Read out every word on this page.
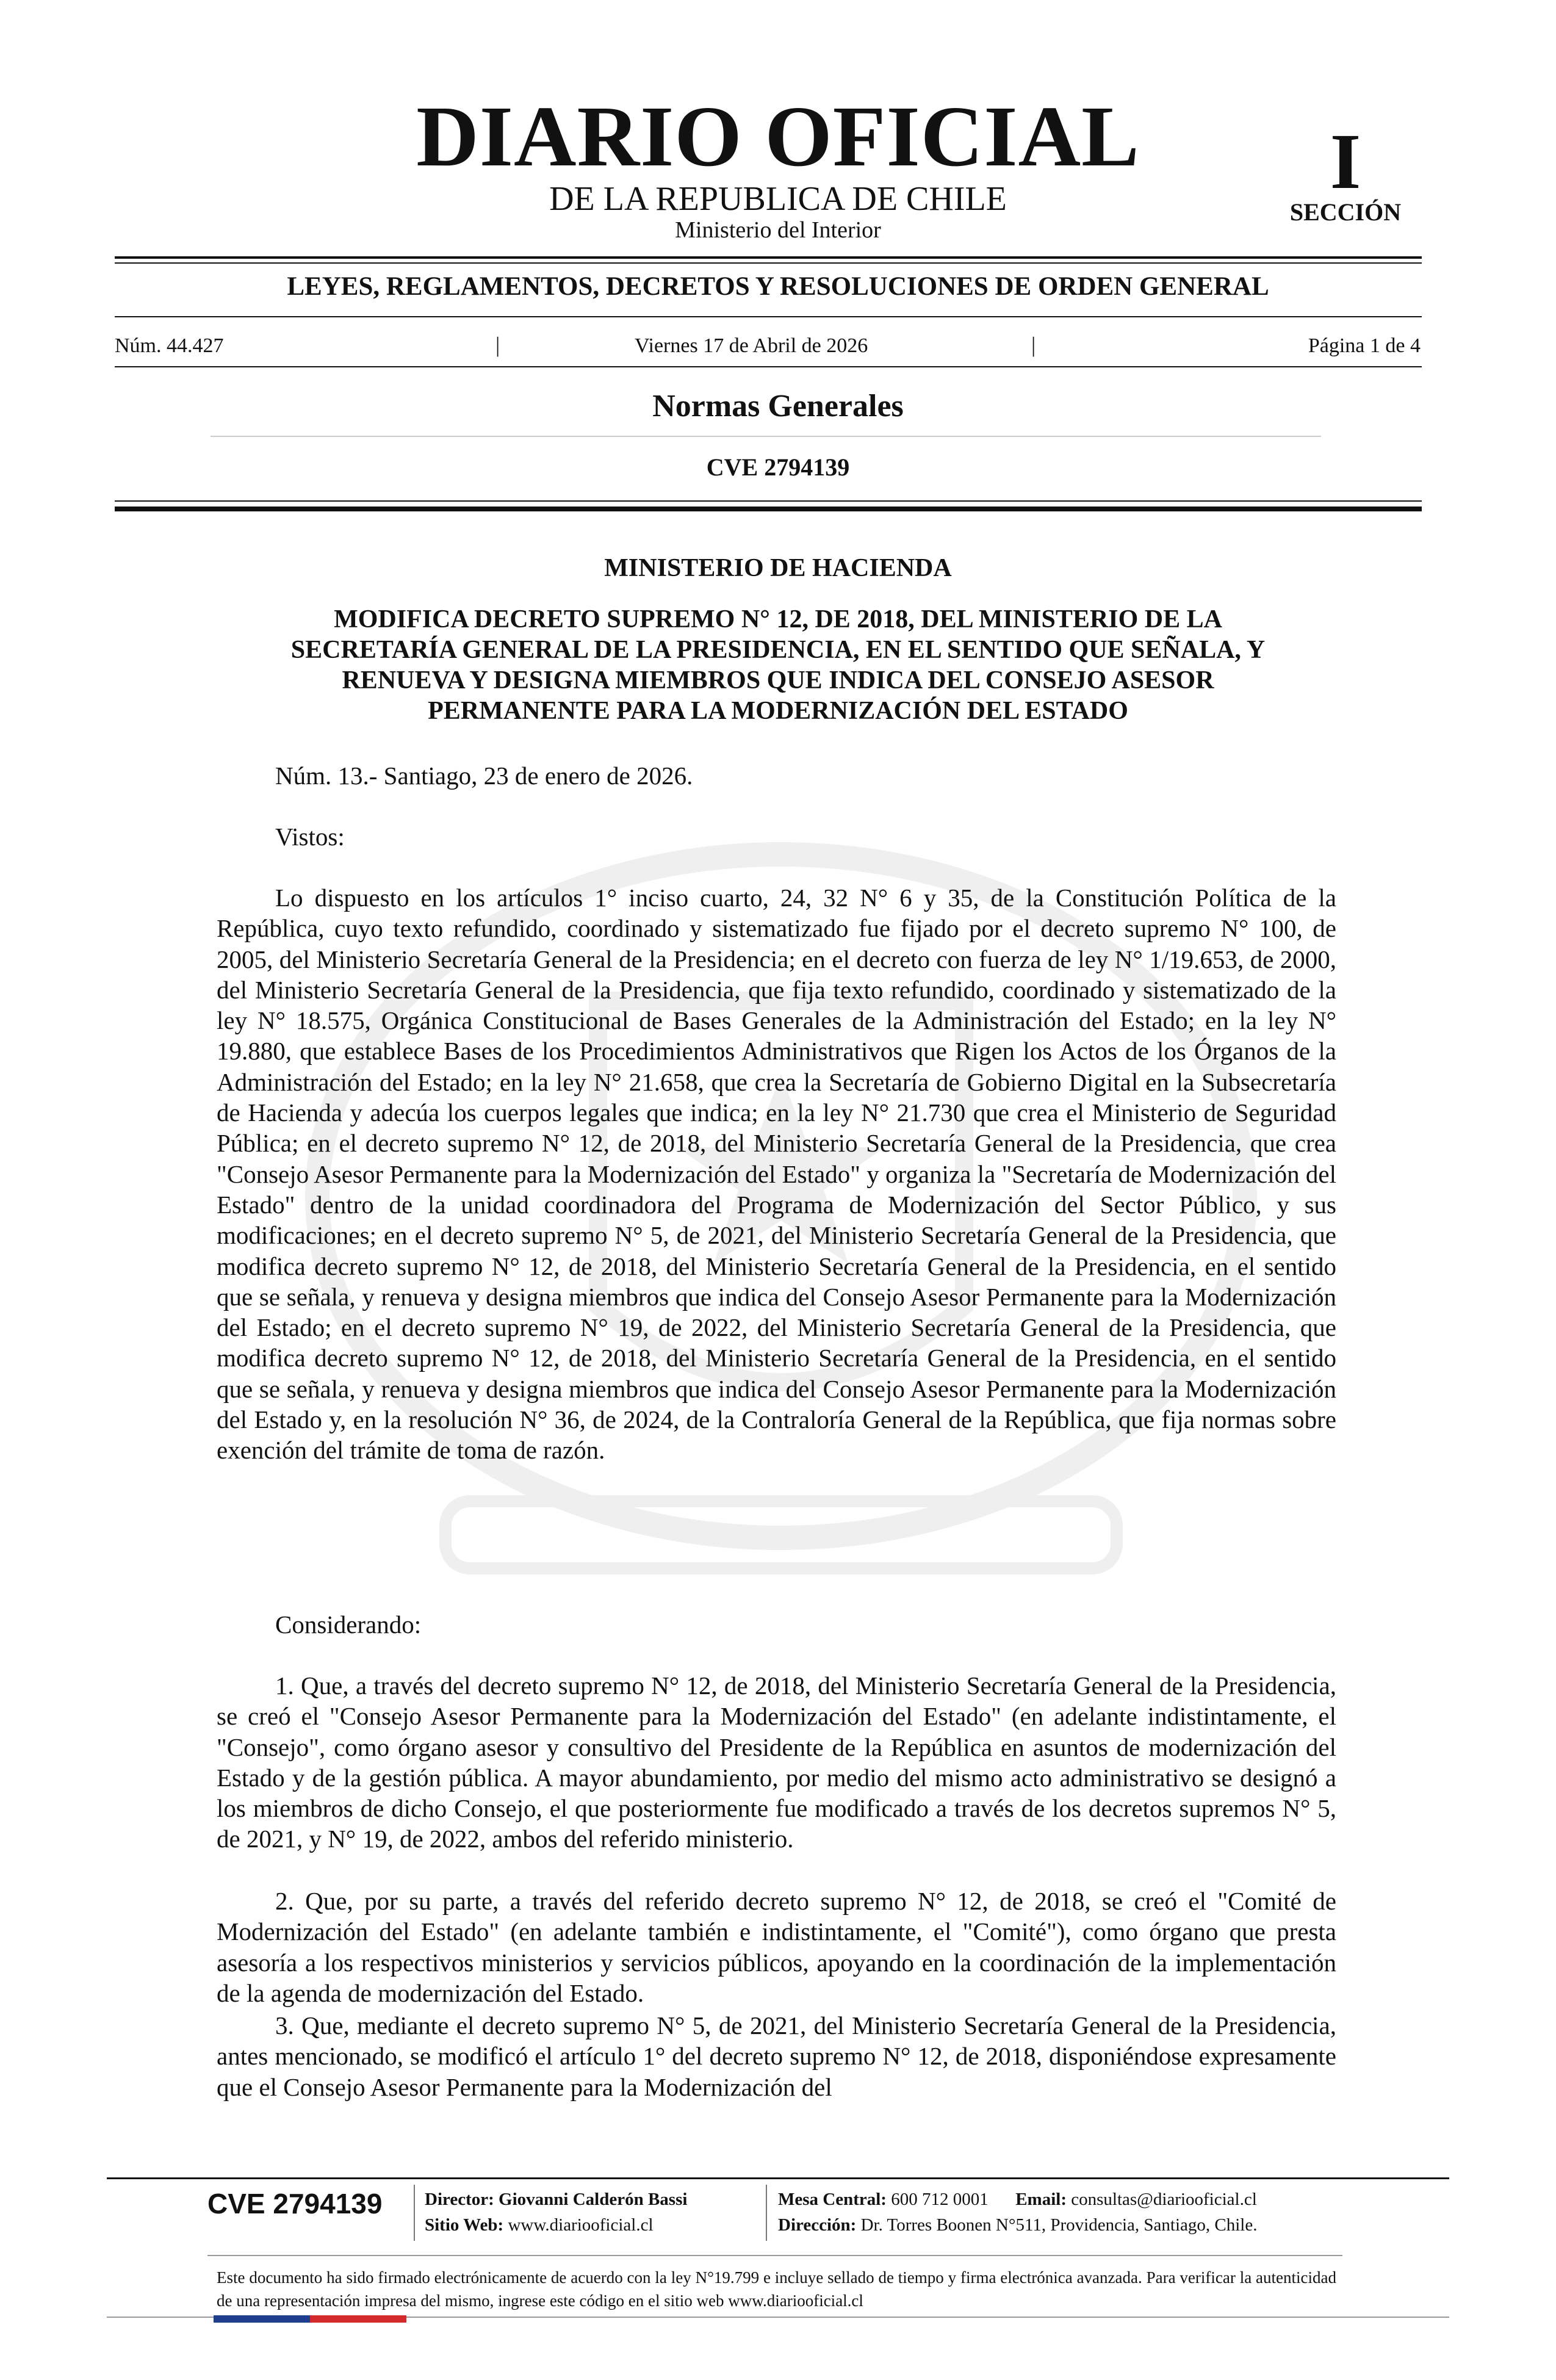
DIARIO OFICIAL
DE LA REPUBLICA DE CHILE
Ministerio del Interior
I
SECCIÓN
LEYES, REGLAMENTOS, DECRETOS Y RESOLUCIONES DE ORDEN GENERAL
Núm. 44.427	|	Viernes 17 de Abril de 2026	|	Página 1 de 4
Normas Generales
CVE 2794139
MINISTERIO DE HACIENDA
MODIFICA DECRETO SUPREMO N° 12, DE 2018, DEL MINISTERIO DE LA
SECRETARÍA GENERAL DE LA PRESIDENCIA, EN EL SENTIDO QUE SEÑALA, Y
RENUEVA Y DESIGNA MIEMBROS QUE INDICA DEL CONSEJO ASESOR
PERMANENTE PARA LA MODERNIZACIÓN DEL ESTADO
Núm. 13.- Santiago, 23 de enero de 2026.
Vistos:
Lo dispuesto en los artículos 1° inciso cuarto, 24, 32 N° 6 y 35, de la Constitución Política de la República, cuyo texto refundido, coordinado y sistematizado fue fijado por el decreto supremo N° 100, de 2005, del Ministerio Secretaría General de la Presidencia; en el decreto con fuerza de ley N° 1/19.653, de 2000, del Ministerio Secretaría General de la Presidencia, que fija texto refundido, coordinado y sistematizado de la ley N° 18.575, Orgánica Constitucional de Bases Generales de la Administración del Estado; en la ley N° 19.880, que establece Bases de los Procedimientos Administrativos que Rigen los Actos de los Órganos de la Administración del Estado; en la ley N° 21.658, que crea la Secretaría de Gobierno Digital en la Subsecretaría de Hacienda y adecúa los cuerpos legales que indica; en la ley N° 21.730 que crea el Ministerio de Seguridad Pública; en el decreto supremo N° 12, de 2018, del Ministerio Secretaría General de la Presidencia, que crea "Consejo Asesor Permanente para la Modernización del Estado" y organiza la "Secretaría de Modernización del Estado" dentro de la unidad coordinadora del Programa de Modernización del Sector Público, y sus modificaciones; en el decreto supremo N° 5, de 2021, del Ministerio Secretaría General de la Presidencia, que modifica decreto supremo N° 12, de 2018, del Ministerio Secretaría General de la Presidencia, en el sentido que se señala, y renueva y designa miembros que indica del Consejo Asesor Permanente para la Modernización del Estado; en el decreto supremo N° 19, de 2022, del Ministerio Secretaría General de la Presidencia, que modifica decreto supremo N° 12, de 2018, del Ministerio Secretaría General de la Presidencia, en el sentido que se señala, y renueva y designa miembros que indica del Consejo Asesor Permanente para la Modernización del Estado y, en la resolución N° 36, de 2024, de la Contraloría General de la República, que fija normas sobre exención del trámite de toma de razón.
Considerando:
1. Que, a través del decreto supremo N° 12, de 2018, del Ministerio Secretaría General de la Presidencia, se creó el "Consejo Asesor Permanente para la Modernización del Estado" (en adelante indistintamente, el "Consejo", como órgano asesor y consultivo del Presidente de la República en asuntos de modernización del Estado y de la gestión pública. A mayor abundamiento, por medio del mismo acto administrativo se designó a los miembros de dicho Consejo, el que posteriormente fue modificado a través de los decretos supremos N° 5, de 2021, y N° 19, de 2022, ambos del referido ministerio.
2. Que, por su parte, a través del referido decreto supremo N° 12, de 2018, se creó el "Comité de Modernización del Estado" (en adelante también e indistintamente, el "Comité"), como órgano que presta asesoría a los respectivos ministerios y servicios públicos, apoyando en la coordinación de la implementación de la agenda de modernización del Estado.
3. Que, mediante el decreto supremo N° 5, de 2021, del Ministerio Secretaría General de la Presidencia, antes mencionado, se modificó el artículo 1° del decreto supremo N° 12, de 2018, disponiéndose expresamente que el Consejo Asesor Permanente para la Modernización del
CVE 2794139 Director: Giovanni Calderón Bassi
Sitio Web: www.diariooficial.cl
Mesa Central: 600 712 0001 Email: consultas@diariooficial.cl
Dirección: Dr. Torres Boonen N°511, Providencia, Santiago, Chile.
Este documento ha sido firmado electrónicamente de acuerdo con la ley N°19.799 e incluye sellado de tiempo y firma electrónica avanzada. Para verificar la autenticidad de una representación impresa del mismo, ingrese este código en el sitio web www.diariooficial.cl
